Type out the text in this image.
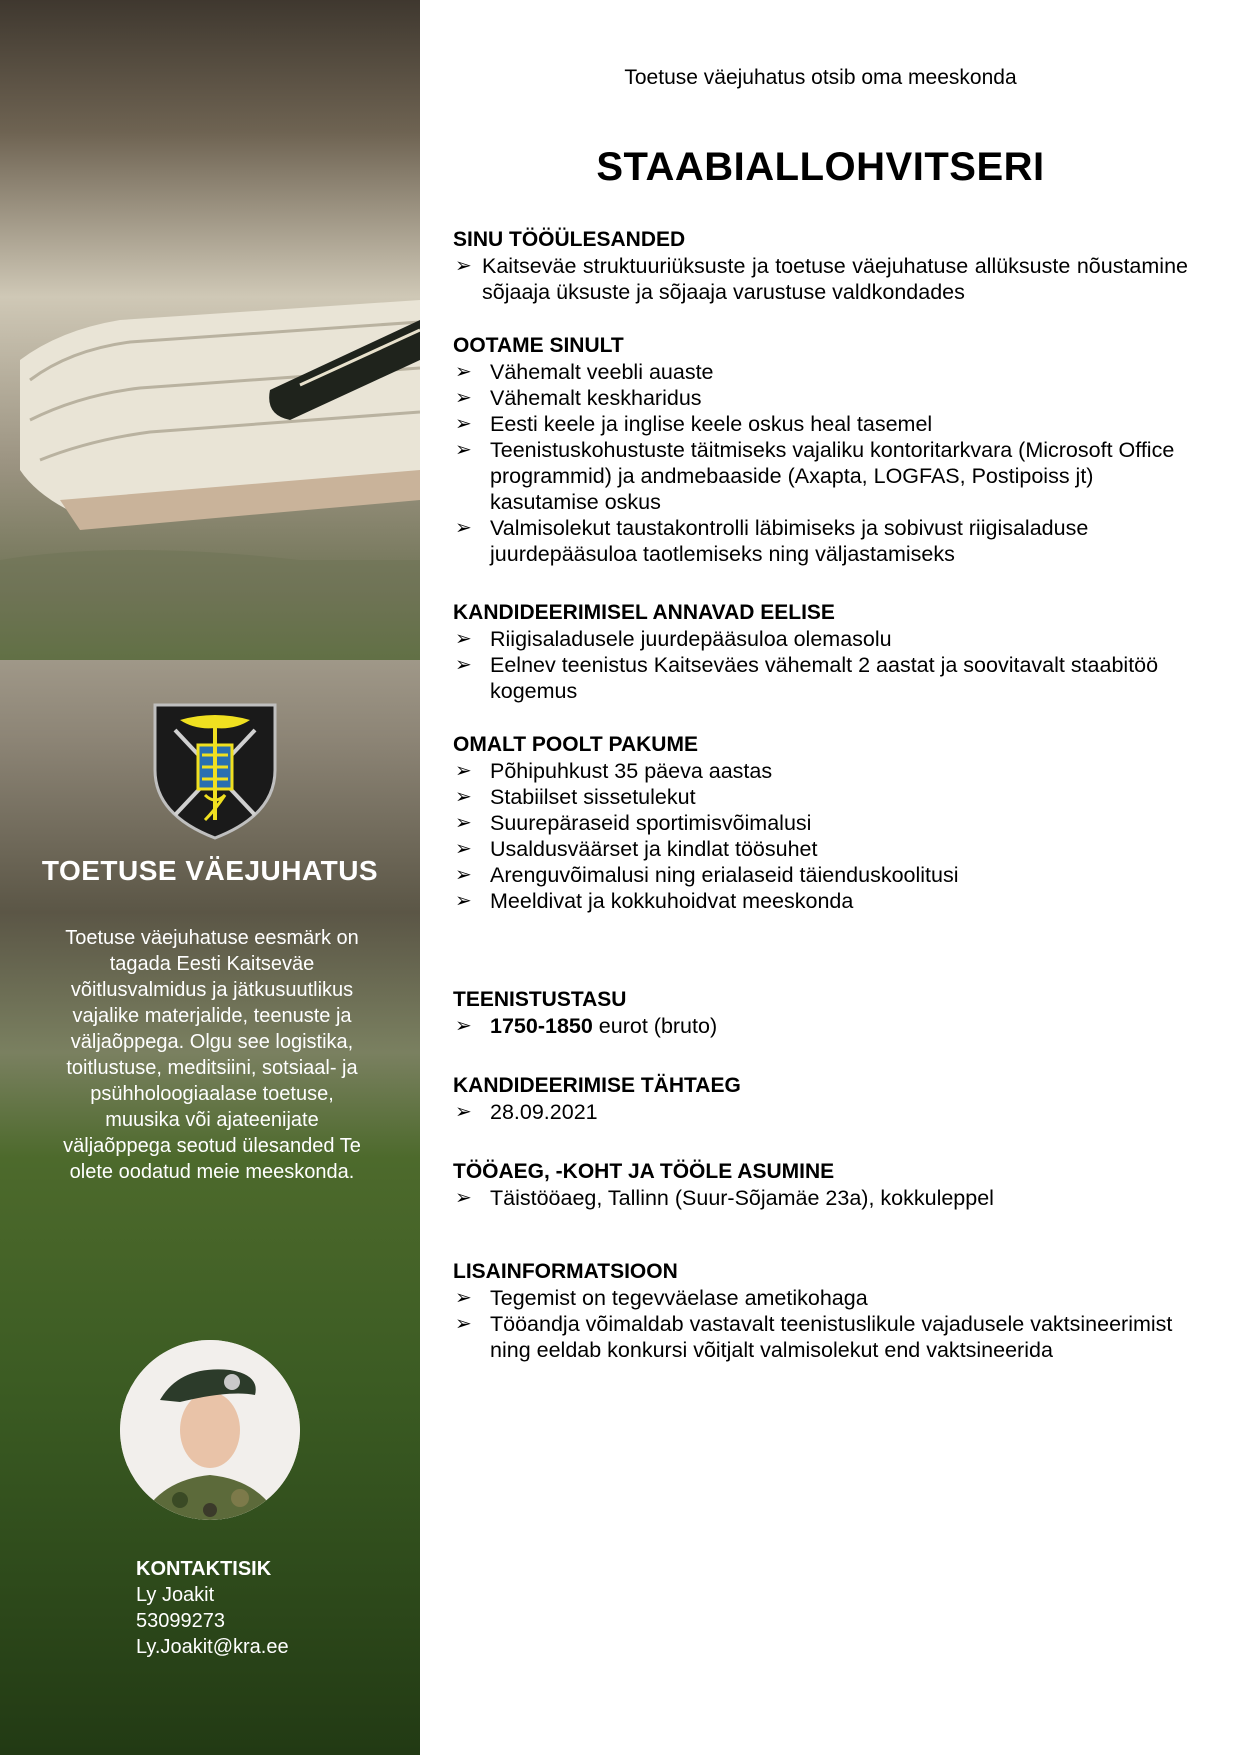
TOETUSE VÄEJUHATUS
Toetuse väejuhatuse eesmärk on tagada Eesti Kaitseväe võitlusvalmidus ja jätkusuutlikus vajalike materjalide, teenuste ja väljaõppega. Olgu see logistika, toitlustuse, meditsiini, sotsiaal- ja psühholoogiaalase toetuse, muusika või ajateenijate väljaõppega seotud ülesanded Te olete oodatud meie meeskonda.
KONTAKTISIK
Ly Joakit
53099273
Ly.Joakit@kra.ee
Toetuse väejuhatus otsib oma meeskonda
STAABIALLOHVITSERI
SINU TÖÖÜLESANDED
➢ Kaitseväe struktuuriüksuste ja toetuse väejuhatuse allüksuste nõustamine sõjaaja üksuste ja sõjaaja varustuse valdkondades
OOTAME SINULT
➢ Vähemalt veebli auaste
➢ Vähemalt keskharidus
➢ Eesti keele ja inglise keele oskus heal tasemel
➢ Teenistuskohustuste täitmiseks vajaliku kontoritarkvara (Microsoft Office programmid) ja andmebaaside (Axapta, LOGFAS, Postipoiss jt) kasutamise oskus
➢ Valmisolekut taustakontrolli läbimiseks ja sobivust riigisaladuse juurdepääsuloa taotlemiseks ning väljastamiseks
KANDIDEERIMISEL ANNAVAD EELISE
➢ Riigisaladusele juurdepääsuloa olemasolu
➢ Eelnev teenistus Kaitseväes vähemalt 2 aastat ja soovitavalt staabitöö kogemus
OMALT POOLT PAKUME
➢ Põhipuhkust 35 päeva aastas
➢ Stabiilset sissetulekut
➢ Suurepäraseid sportimisvõimalusi
➢ Usaldusväärset ja kindlat töösuhet
➢ Arenguvõimalusi ning erialaseid täienduskoolitusi
➢ Meeldivat ja kokkuhoidvat meeskonda
TEENISTUSTASU
➢ 1750-1850 eurot (bruto)
KANDIDEERIMISE TÄHTAEG
➢ 28.09.2021
TÖÖAEG, -KOHT JA TÖÖLE ASUMINE
➢ Täistööaeg, Tallinn (Suur-Sõjamäe 23a), kokkuleppel
LISAINFORMATSIOON
➢ Tegemist on tegevväelase ametikohaga
➢ Tööandja võimaldab vastavalt teenistuslikule vajadusele vaktsineerimist ning eeldab konkursi võitjalt valmisolekut end vaktsineerida
